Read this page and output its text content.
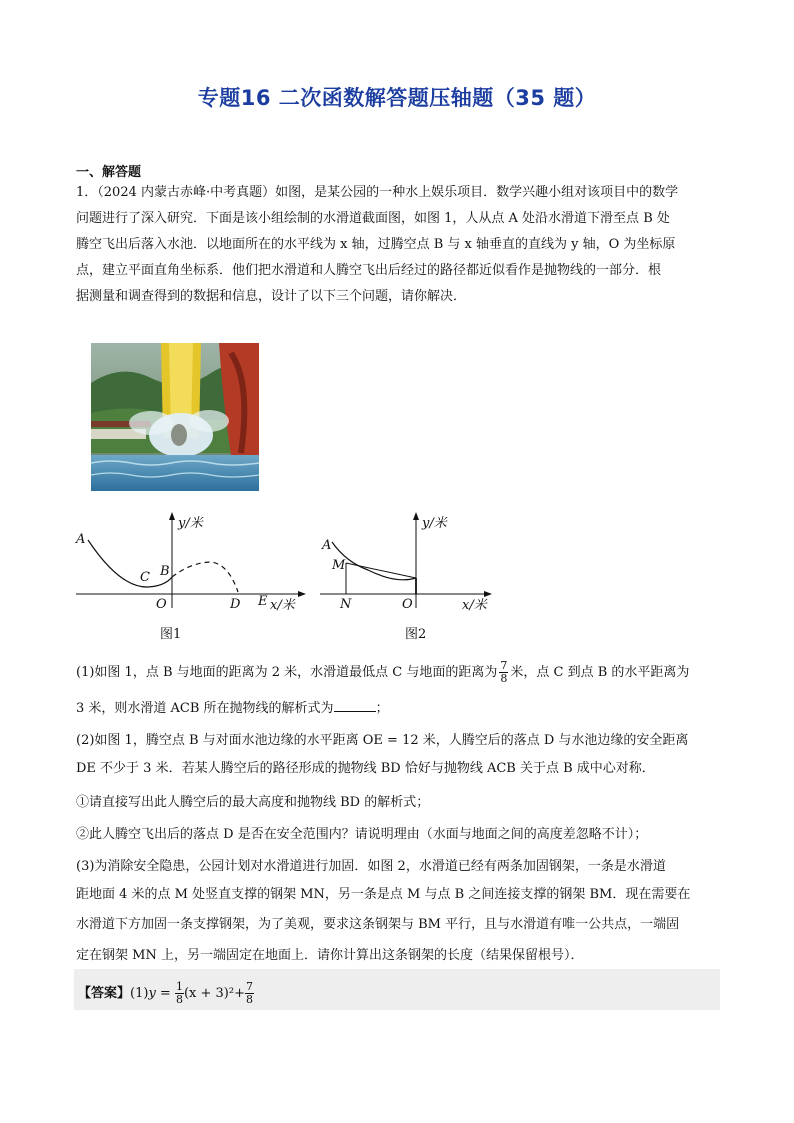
专题16 二次函数解答题压轴题（35 题）
一、解答题
1．（2024 内蒙古赤峰·中考真题）如图，是某公园的一种水上娱乐项目．数学兴趣小组对该项目中的数学
问题进行了深入研究．下面是该小组绘制的水滑道截面图，如图 1，人从点 A 处沿水滑道下滑至点 B 处
腾空飞出后落入水池．以地面所在的水平线为 x 轴，过腾空点 B 与 x 轴垂直的直线为 y 轴，O 为坐标原
点，建立平面直角坐标系．他们把水滑道和人腾空飞出后经过的路径都近似看作是抛物线的一部分．根
据测量和调查得到的数据和信息，设计了以下三个问题，请你解决．
A
C B
O	D E x/米
y/米
图1
A
M
N	O	x/米
y/米
图2
(1)如图 1，点 B 与地面的距离为 2 米，水滑道最低点 C 与地面的距离为 $\frac{7}{8}$ 米，点 C 到点 B 的水平距离为
3 米，则水滑道 ACB 所在抛物线的解析式为	；
(2)如图 1，腾空点 B 与对面水池边缘的水平距离 OE = 12 米，人腾空后的落点 D 与水池边缘的安全距离
DE 不少于 3 米．若某人腾空后的路径形成的抛物线 BD 恰好与抛物线 ACB 关于点 B 成中心对称．
①请直接写出此人腾空后的最大高度和抛物线 BD 的解析式；
②此人腾空飞出后的落点 D 是否在安全范围内？请说明理由（水面与地面之间的高度差忽略不计）；
(3)为消除安全隐患，公园计划对水滑道进行加固．如图 2，水滑道已经有两条加固钢架，一条是水滑道
距地面 4 米的点 M 处竖直支撑的钢架 MN，另一条是点 M 与点 B 之间连接支撑的钢架 BM．现在需要在
水滑道下方加固一条支撑钢架，为了美观，要求这条钢架与 BM 平行，且与水滑道有唯一公共点，一端固
定在钢架 MN 上，另一端固定在地面上．请你计算出这条钢架的长度（结果保留根号）．
【答案】$(1)y = \frac{1}{8} (x + 3)^2+ \frac{7}{8}$
